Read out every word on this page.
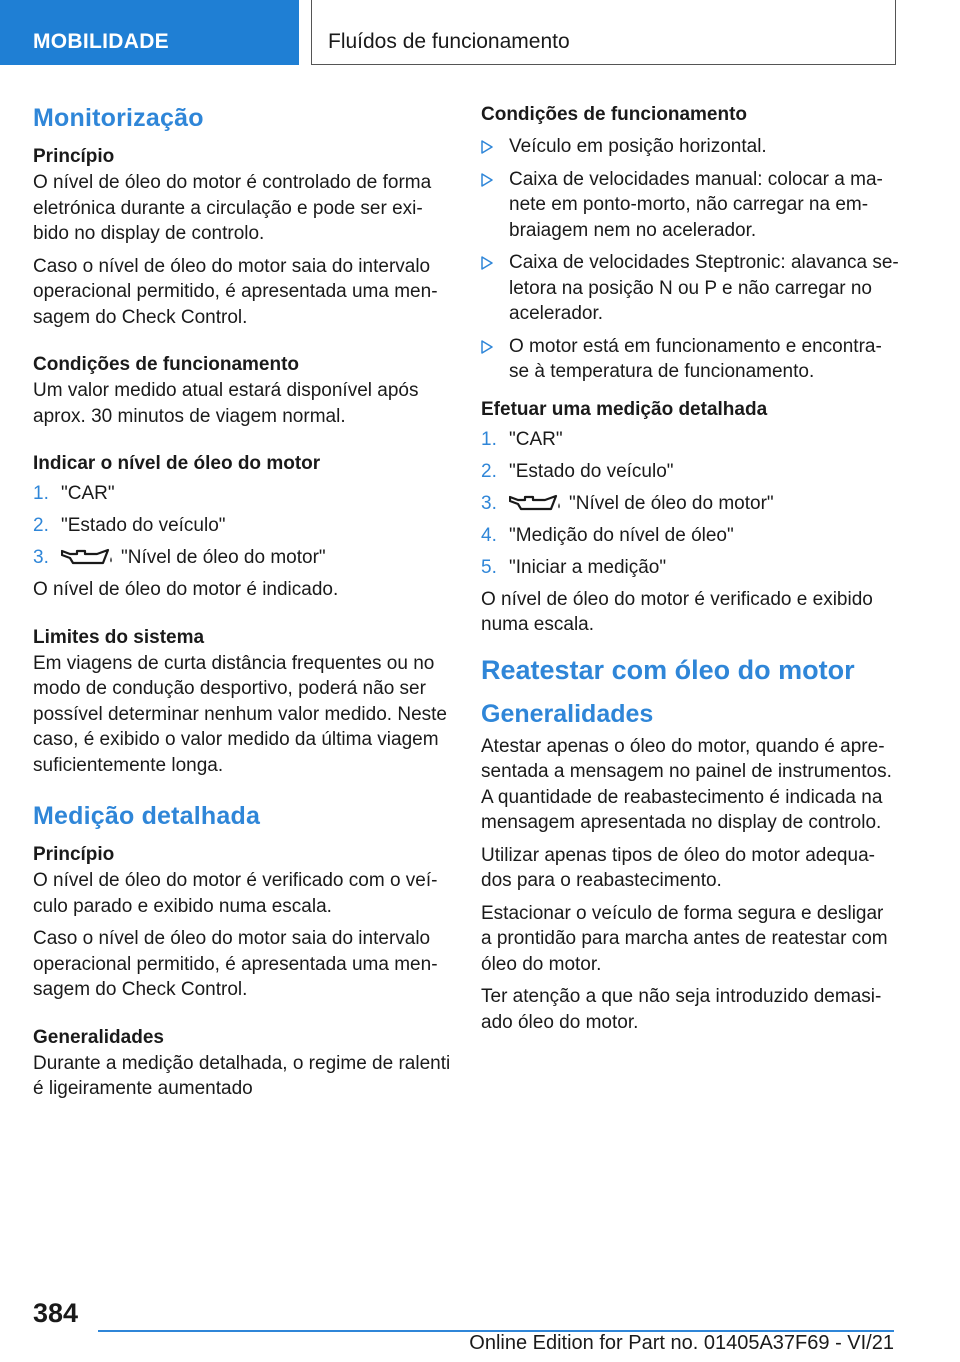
MOBILIDADE	Fluídos de funcionamento
Monitorização
Princípio

O nível de óleo do motor é controlado de forma eletrónica durante a circulação e pode ser exibido no display de controlo.

Caso o nível de óleo do motor saia do intervalo operacional permitido, é apresentada uma mensagem do Check Control.

Condições de funcionamento

Um valor medido atual estará disponível após aprox. 30 minutos de viagem normal.

Indicar o nível de óleo do motor
1. "CAR"
2. "Estado do veículo"
3.	"Nível de óleo do motor"

O nível de óleo do motor é indicado.

Limites do sistema

Em viagens de curta distância frequentes ou no modo de condução desportivo, poderá não ser possível determinar nenhum valor medido. Neste caso, é exibido o valor medido da última viagem suficientemente longa.

Medição detalhada
Princípio

O nível de óleo do motor é verificado com o veículo parado e exibido numa escala.

Caso o nível de óleo do motor saia do intervalo operacional permitido, é apresentada uma mensagem do Check Control.

Generalidades

Durante a medição detalhada, o regime de ralenti é ligeiramente aumentado

Condições de funcionamento
Veículo em posição horizontal.
Caixa de velocidades manual: colocar a manete em ponto-morto, não carregar na embraiagem nem no acelerador.
Caixa de velocidades Steptronic: alavanca seletora na posição N ou P e não carregar no acelerador.
O motor está em funcionamento e encontra-se à temperatura de funcionamento.
Efetuar uma medição detalhada
1. "CAR"
2. "Estado do veículo"
3.	"Nível de óleo do motor"
4. "Medição do nível de óleo"
5. "Iniciar a medição"

O nível de óleo do motor é verificado e exibido numa escala.

Reatestar com óleo do motor
Generalidades

Atestar apenas o óleo do motor, quando é apresentada a mensagem no painel de instrumentos. A quantidade de reabastecimento é indicada na mensagem apresentada no display de controlo.

Utilizar apenas tipos de óleo do motor adequados para o reabastecimento.

Estacionar o veículo de forma segura e desligar a prontidão para marcha antes de reatestar com óleo do motor.

Ter atenção a que não seja introduzido demasiado óleo do motor.

384
Online Edition for Part no. 01405A37F69 - VI/21
